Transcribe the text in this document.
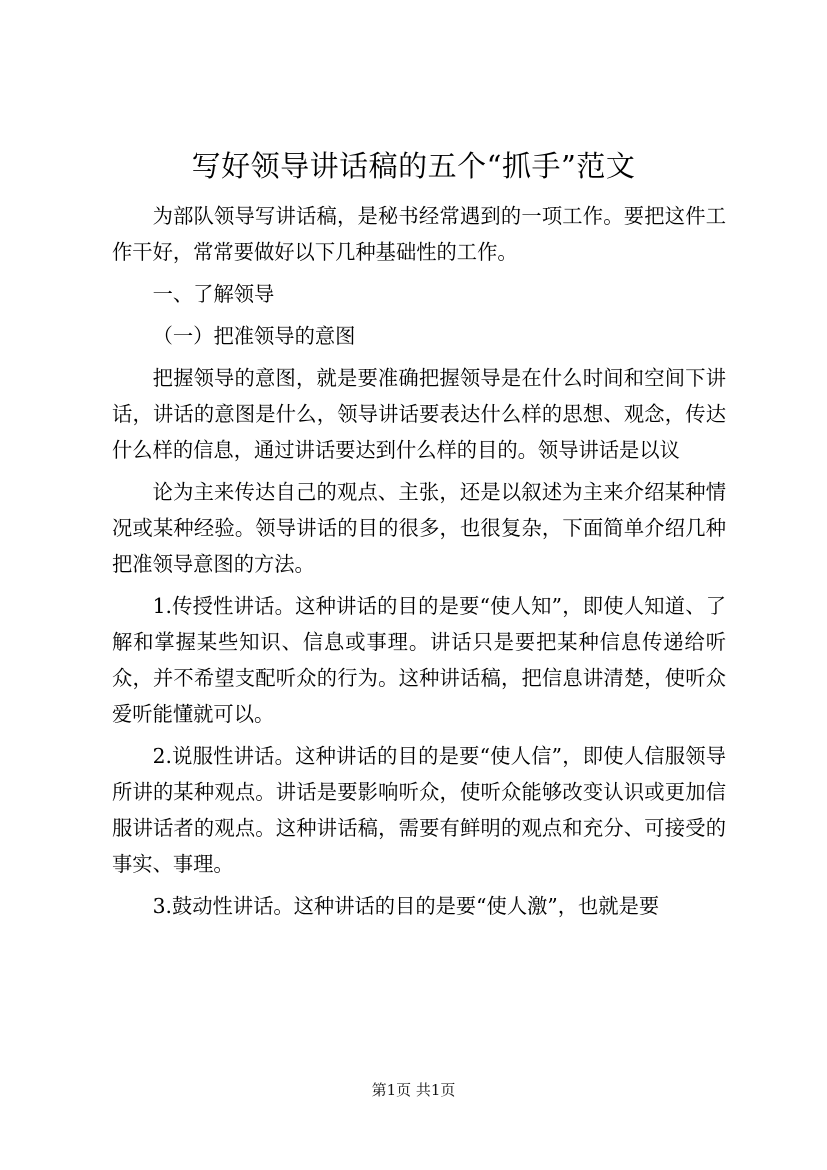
写好领导讲话稿的五个“抓手”范文

为部队领导写讲话稿，是秘书经常遇到的一项工作。要把这件工作干好，常常要做好以下几种基础性的工作。

一、了解领导

（一）把准领导的意图

把握领导的意图，就是要准确把握领导是在什么时间和空间下讲话，讲话的意图是什么，领导讲话要表达什么样的思想、观念，传达什么样的信息，通过讲话要达到什么样的目的。领导讲话是以议

论为主来传达自己的观点、主张，还是以叙述为主来介绍某种情况或某种经验。领导讲话的目的很多，也很复杂，下面简单介绍几种把准领导意图的方法。

1.传授性讲话。这种讲话的目的是要“使人知”，即使人知道、了解和掌握某些知识、信息或事理。讲话只是要把某种信息传递给听众，并不希望支配听众的行为。这种讲话稿，把信息讲清楚，使听众爱听能懂就可以。

2.说服性讲话。这种讲话的目的是要“使人信”，即使人信服领导所讲的某种观点。讲话是要影响听众，使听众能够改变认识或更加信服讲话者的观点。这种讲话稿，需要有鲜明的观点和充分、可接受的事实、事理。

3.鼓动性讲话。这种讲话的目的是要“使人激”，也就是要

第1页 共1页
